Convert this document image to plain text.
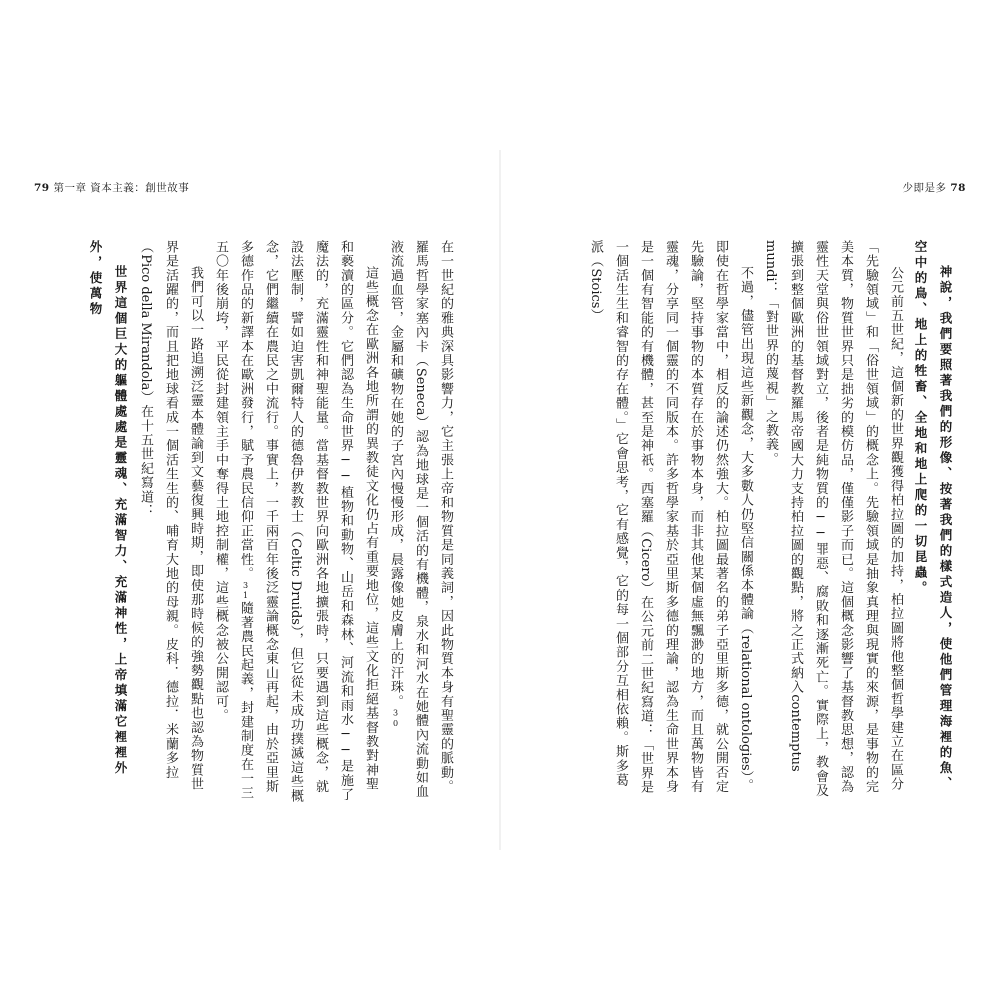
79 第一章 資本主義：創世故事

在一世紀的雅典深具影響力，它主張上帝和物質是同義詞，因此物質本身有聖靈的脈動。羅馬哲學家塞內卡（Seneca）認為地球是一個活的有機體，泉水和河水在她體內流動如血液流過血管，金屬和礦物在她的子宮內慢慢形成，晨露像她皮膚上的汗珠。30

這些概念在歐洲各地所謂的異教徒文化仍占有重要地位，這些文化拒絕基督教對神聖和褻瀆的區分。它們認為生命世界──植物和動物、山岳和森林、河流和雨水──是施了魔法的，充滿靈性和神聖能量。當基督教世界向歐洲各地擴張時，只要遇到這些概念，就設法壓制，譬如迫害凱爾特人的德魯伊教教士（Celtic Druids），但它從未成功撲滅這些概念，它們繼續在農民之中流行。事實上，一千兩百年後泛靈論概念東山再起，由於亞里斯多德作品的新譯本在歐洲發行，賦予農民信仰正當性。31隨著農民起義，封建制度在一三五〇年後崩垮，平民從封建領主手中奪得土地控制權，這些概念被公開認可。

我們可以一路追溯泛靈本體論到文藝復興時期，即使那時候的強勢觀點也認為物質世界是活躍的，而且把地球看成一個活生生的、哺育大地的母親。皮科．德拉．米蘭多拉（Pico della Mirandola）在十五世紀寫道：

世界這個巨大的軀體處處是靈魂、充滿智力、充滿神性，上帝填滿它裡裡外外，使萬物

少即是多 78

神說，我們要照著我們的形像、按著我們的樣式造人，使他們管理海裡的魚、空中的鳥、地上的牲畜、全地和地上爬的一切昆蟲。

公元前五世紀，這個新的世界觀獲得柏拉圖的加持，柏拉圖將他整個哲學建立在區分「先驗領域」和「俗世領域」的概念上。先驗領域是抽象真理與現實的來源，是事物的完美本質，物質世界只是拙劣的模仿品，僅僅影子而已。這個概念影響了基督教思想，認為靈性天堂與俗世領域對立，後者是純物質的──罪惡、腐敗和逐漸死亡。實際上，教會及擴張到整個歐洲的基督教羅馬帝國大力支持柏拉圖的觀點，將之正式納入contemptus mundi：「對世界的蔑視」之教義。

不過，儘管出現這些新觀念，大多數人仍堅信關係本體論（relational ontologies）。即使在哲學家當中，相反的論述仍然強大。柏拉圖最著名的弟子亞里斯多德，就公開否定先驗論，堅持事物的本質存在於事物本身，而非其他某個虛無飄渺的地方，而且萬物皆有靈魂，分享同一個靈的不同版本。許多哲學家基於亞里斯多德的理論，認為生命世界本身是一個有智能的有機體，甚至是神祇。西塞羅（Cicero）在公元前二世紀寫道：「世界是一個活生生和睿智的存在體。」它會思考，它有感覺，它的每一個部分互相依賴。斯多葛派（Stoics）
